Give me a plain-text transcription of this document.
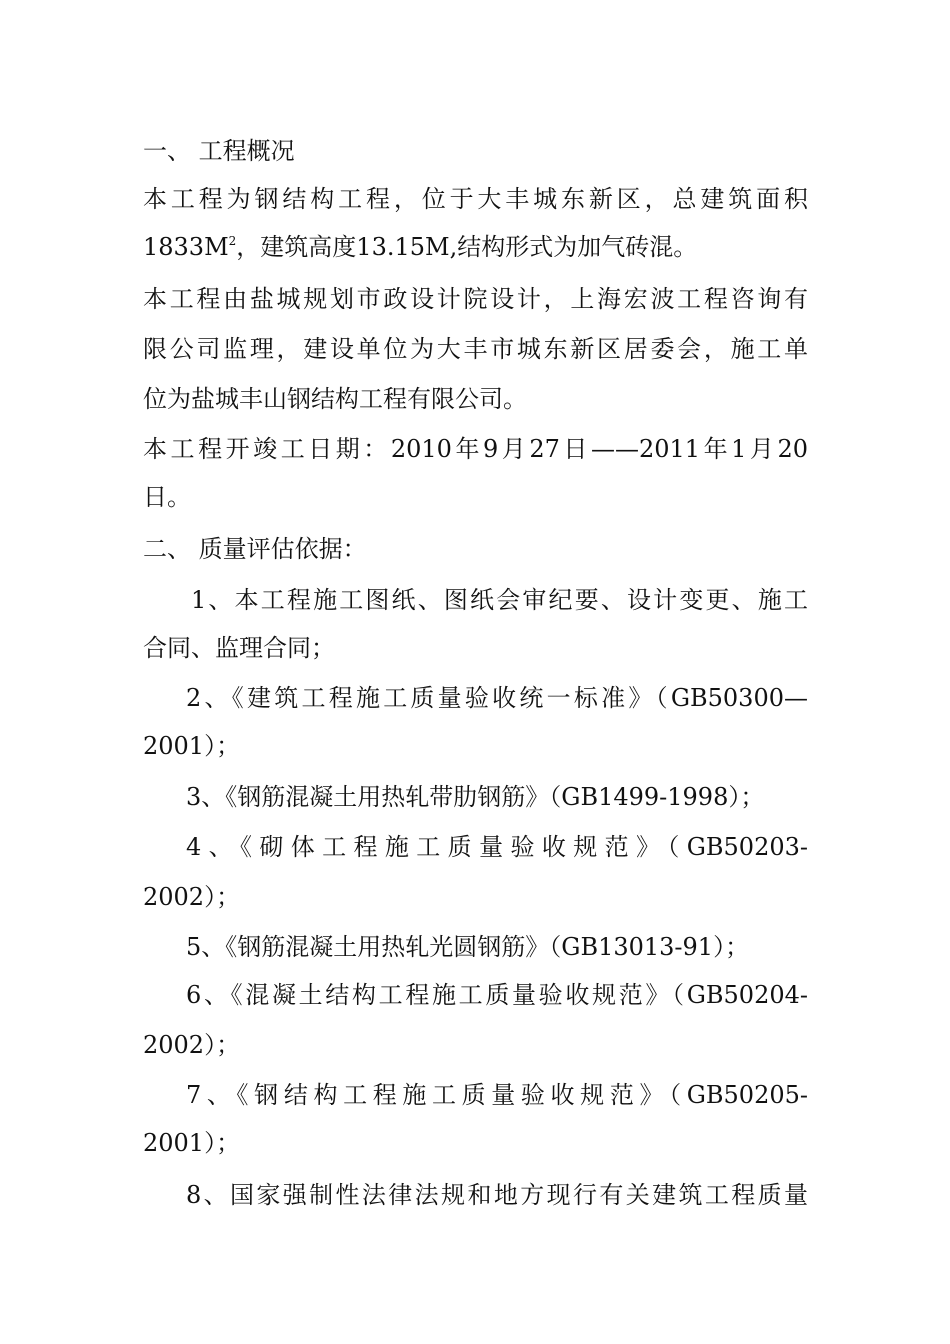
一、 工程概况
本工程为钢结构工程，位于大丰城东新区，总建筑面积
$1833M^2$，建筑高度13.15M,结构形式为加气砖混。
本工程由盐城规划市政设计院设计，上海宏波工程咨询有
限公司监理，建设单位为大丰市城东新区居委会，施工单
位为盐城丰山钢结构工程有限公司。
本工程开竣工日期：2010年9月27日——2011年1月20
日。
二、 质量评估依据：
1、本工程施工图纸、图纸会审纪要、设计变更、施工
合同、监理合同；
2、《建筑工程施工质量验收统一标准》（GB50300—
2001）；
3、《钢筋混凝土用热轧带肋钢筋》（GB1499-1998）；
4、《砌体工程施工质量验收规范》（GB50203-
2002）；
5、《钢筋混凝土用热轧光圆钢筋》（GB13013-91）；
6、《混凝土结构工程施工质量验收规范》（GB50204-
2002）；
7、《钢结构工程施工质量验收规范》（GB50205-
2001）；
8、国家强制性法律法规和地方现行有关建筑工程质量
